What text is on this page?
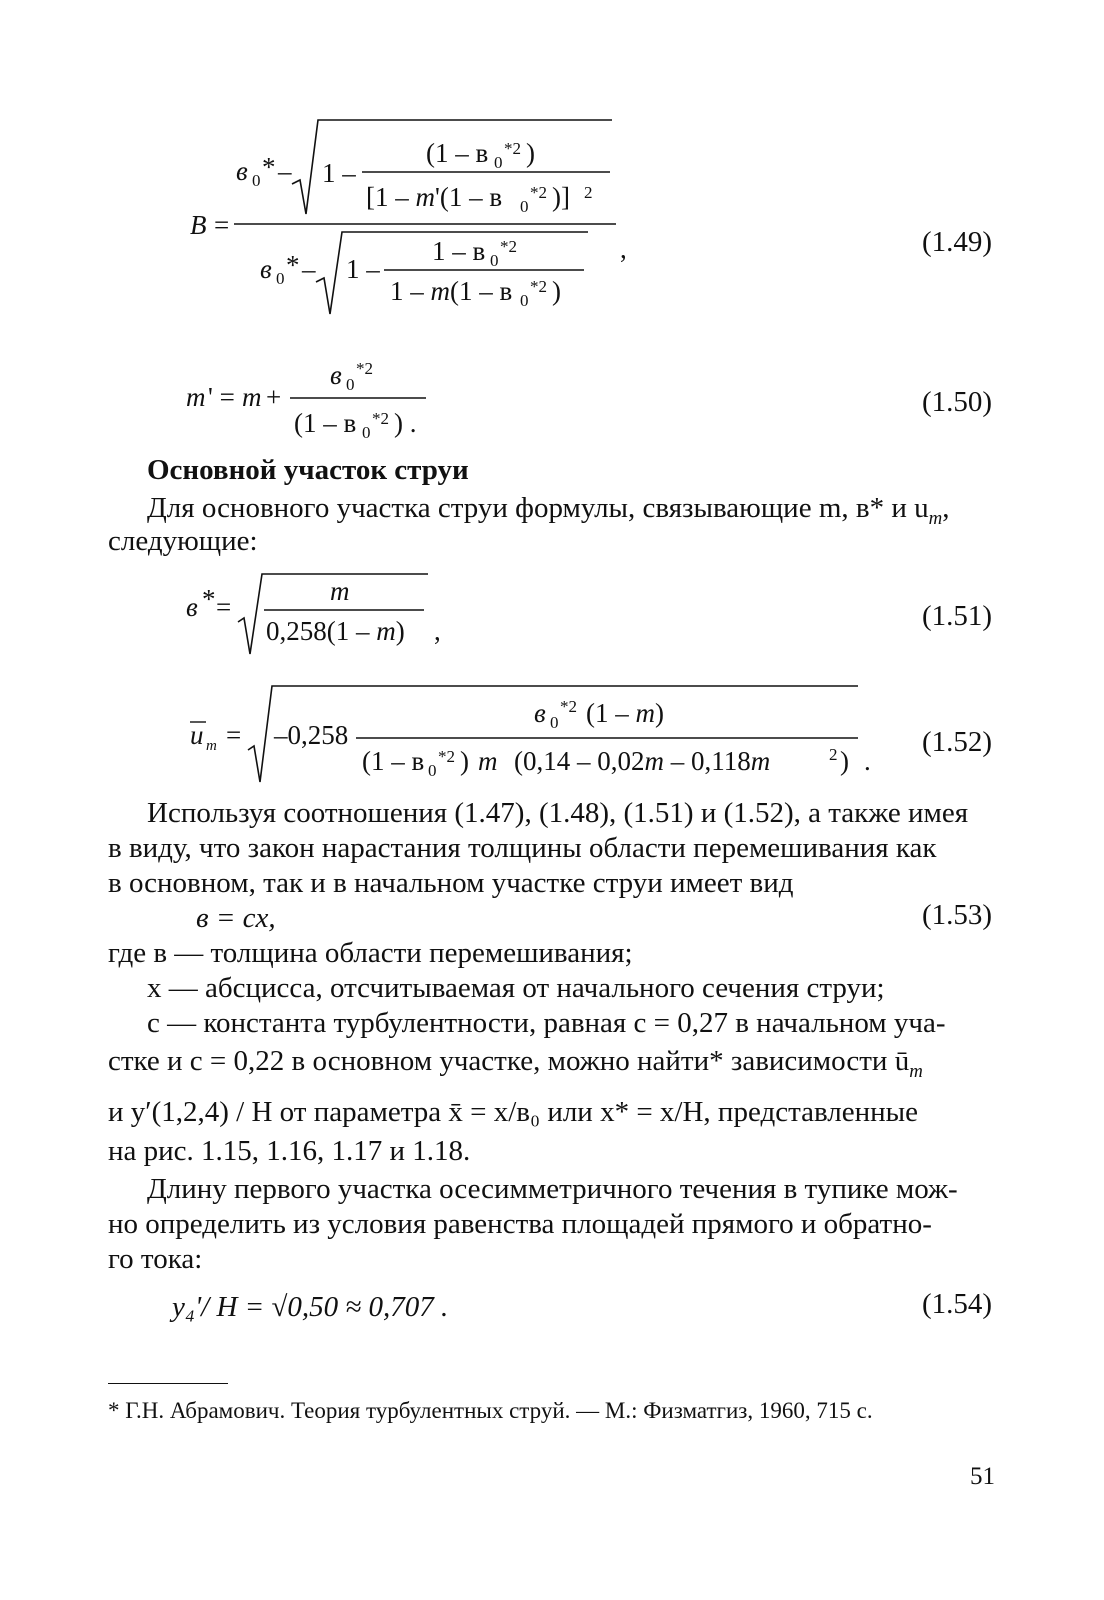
B =
в 0 * – 1 –
(1 – в 0
*2 )
[1 – m'(1 – в 0
*2 )] 2
в 0 * – 1 –
1 – в 0
*2
1 – m(1 – в 0
*2 )
,	(1.49)
m ' = m +
в 0
*2
(1 – в 0
*2 ) .
(1.50)
Основной участок струи
Для основного участка струи формулы, связывающие m, в* и $u_m$,
следующие:
в * =
m
0,258(1 – m) ,	(1.51)
u m = –0,258
в 0
*2 (1 – m)
(1 – в 0
*2 ) m (0,14 – 0,02m – 0,118m	2 ) .
(1.52)
Используя соотношения (1.47), (1.48), (1.51) и (1.52), а также имея
в виду, что закон нарастания толщины области перемешивания как
в основном, так и в начальном участке струи имеет вид
в = cx,	(1.53)
где в — толщина области перемешивания;
x — абсцисса, отсчитываемая от начального сечения струи;
c — константа турбулентности, равная c = 0,27 в начальном уча-
стке и c = 0,22 в основном участке, можно найти* зависимости $ū_m$
и y′(1,2,4) / H от параметра x̄ = x/в₀ или x* = x/H, представленные
на рис. 1.15, 1.16, 1.17 и 1.18.
Длину первого участка осесимметричного течения в тупике мож-
но определить из условия равенства площадей прямого и обратно-
го тока:
y₄'/ H = √0,50 ≈ 0,707 .	(1.54)
* Г.Н. Абрамович. Теория турбулентных струй. — М.: Физматгиз, 1960, 715 с.
51
